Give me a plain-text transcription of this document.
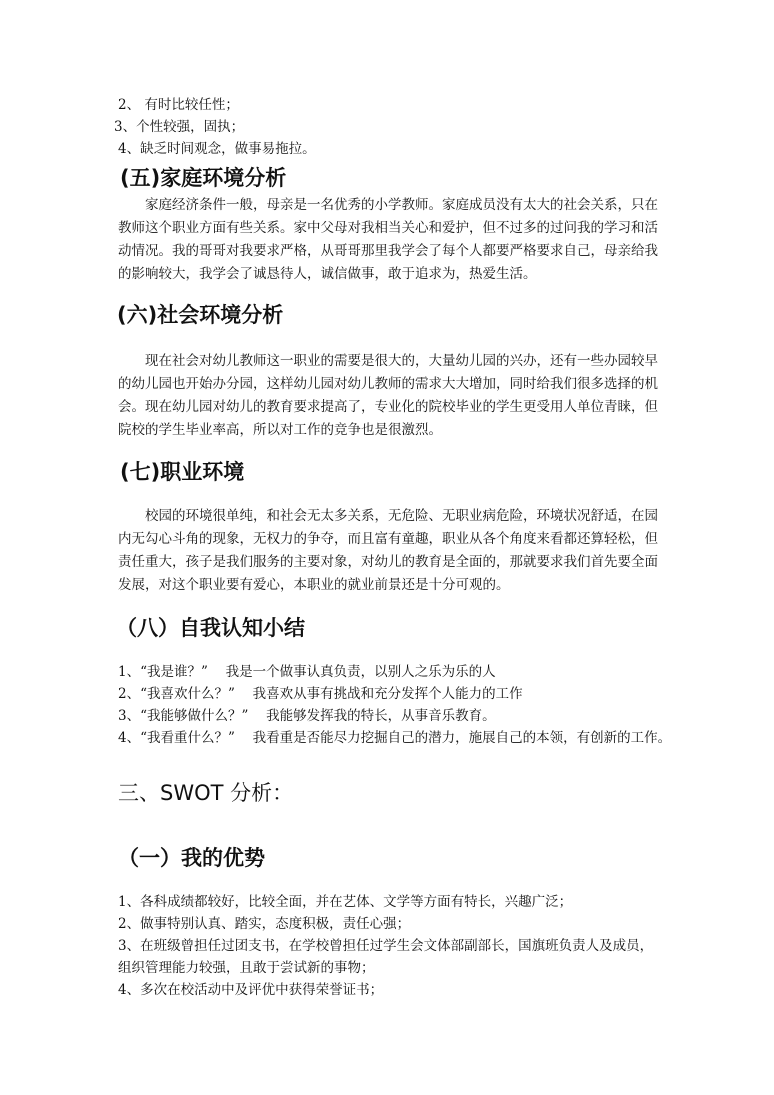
2、 有时比较任性；
3、个性较强，固执；
4、缺乏时间观念，做事易拖拉。
(五)家庭环境分析
家庭经济条件一般，母亲是一名优秀的小学教师。家庭成员没有太大的社会关系，只在教师这个职业方面有些关系。家中父母对我相当关心和爱护，但不过多的过问我的学习和活动情况。我的哥哥对我要求严格，从哥哥那里我学会了每个人都要严格要求自己，母亲给我的影响较大，我学会了诚恳待人，诚信做事，敢于追求为，热爱生活。
(六)社会环境分析
现在社会对幼儿教师这一职业的需要是很大的，大量幼儿园的兴办，还有一些办园较早的幼儿园也开始办分园，这样幼儿园对幼儿教师的需求大大增加，同时给我们很多选择的机会。现在幼儿园对幼儿的教育要求提高了，专业化的院校毕业的学生更受用人单位青睐，但院校的学生毕业率高，所以对工作的竞争也是很激烈。
(七)职业环境
校园的环境很单纯，和社会无太多关系，无危险、无职业病危险，环境状况舒适，在园内无勾心斗角的现象，无权力的争夺，而且富有童趣，职业从各个角度来看都还算轻松，但责任重大，孩子是我们服务的主要对象，对幼儿的教育是全面的，那就要求我们首先要全面发展，对这个职业要有爱心，本职业的就业前景还是十分可观的。
（八）自我认知小结
1、“我是谁？”　 我是一个做事认真负责，以别人之乐为乐的人
2、“我喜欢什么？”　 我喜欢从事有挑战和充分发挥个人能力的工作
3、“我能够做什么？”　 我能够发挥我的特长，从事音乐教育。
4、“我看重什么？”　 我看重是否能尽力挖掘自己的潜力，施展自己的本领，有创新的工作。
三、SWOT 分析：
（一）我的优势
1、各科成绩都较好，比较全面，并在艺体、文学等方面有特长，兴趣广泛；
2、做事特别认真、踏实，态度积极，责任心强；
3、在班级曾担任过团支书，在学校曾担任过学生会文体部副部长，国旗班负责人及成员，
组织管理能力较强，且敢于尝试新的事物；
4、多次在校活动中及评优中获得荣誉证书；
